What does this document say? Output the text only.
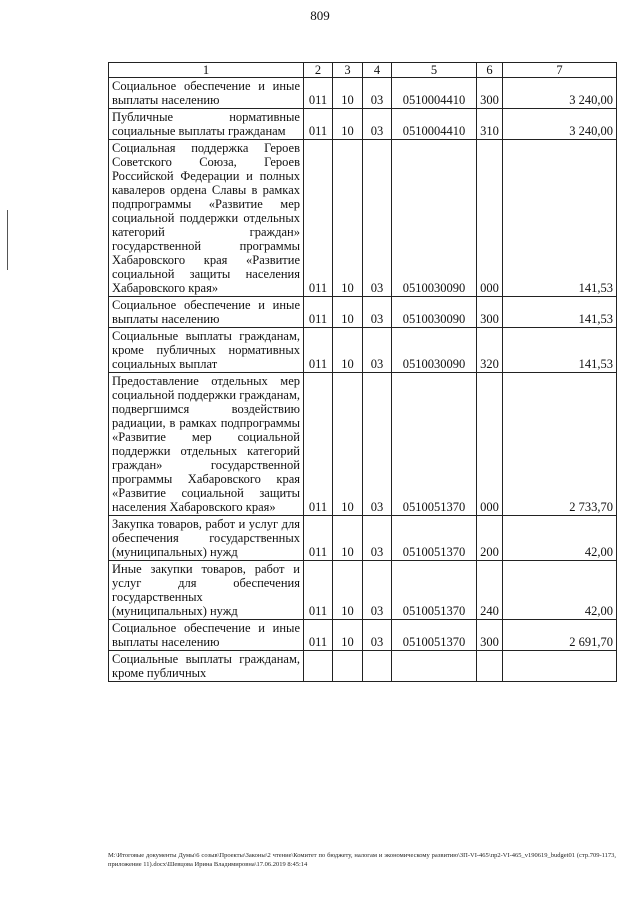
809
1	2	3	4	5	6	7
Социальное обеспечение и иные выплаты населению	011	10	03	0510004410	300	3 240,00
Публичные нормативные социальные выплаты гражданам	011	10	03	0510004410	310	3 240,00
Социальная поддержка Героев Советского Союза, Героев Российской Федерации и полных кавалеров ордена Славы в рамках подпрограммы «Развитие мер социальной поддержки отдельных категорий граждан» государственной программы Хабаровского края «Развитие социальной защиты населения Хабаровского края»	011	10	03	0510030090	000	141,53
Социальное обеспечение и иные выплаты населению	011	10	03	0510030090	300	141,53
Социальные выплаты гражданам, кроме публичных нормативных социальных выплат	011	10	03	0510030090	320	141,53
Предоставление отдельных мер социальной поддержки гражданам, подвергшимся воздействию радиации, в рамках подпрограммы «Развитие мер социальной поддержки отдельных категорий граждан» государственной программы Хабаровского края «Развитие социальной защиты населения Хабаровского края»	011	10	03	0510051370	000	2 733,70
Закупка товаров, работ и услуг для обеспечения государственных (муниципальных) нужд	011	10	03	0510051370	200	42,00
Иные закупки товаров, работ и услуг для обеспечения государственных (муниципальных) нужд	011	10	03	0510051370	240	42,00
Социальное обеспечение и иные выплаты населению	011	10	03	0510051370	300	2 691,70
Социальные выплаты гражданам, кроме публичных						
M:\Итоговые документы Думы\6 созыв\Проекты\Законы\2 чтение\Комитет по бюджету, налогам и экономическому развитию\ЗП-VI-465\пр2-VI-465_v190619_budget01 (стр.709-1173, приложение 11).docx\Шевцова Ирина Владимировна\17.06.2019 8:45:14
